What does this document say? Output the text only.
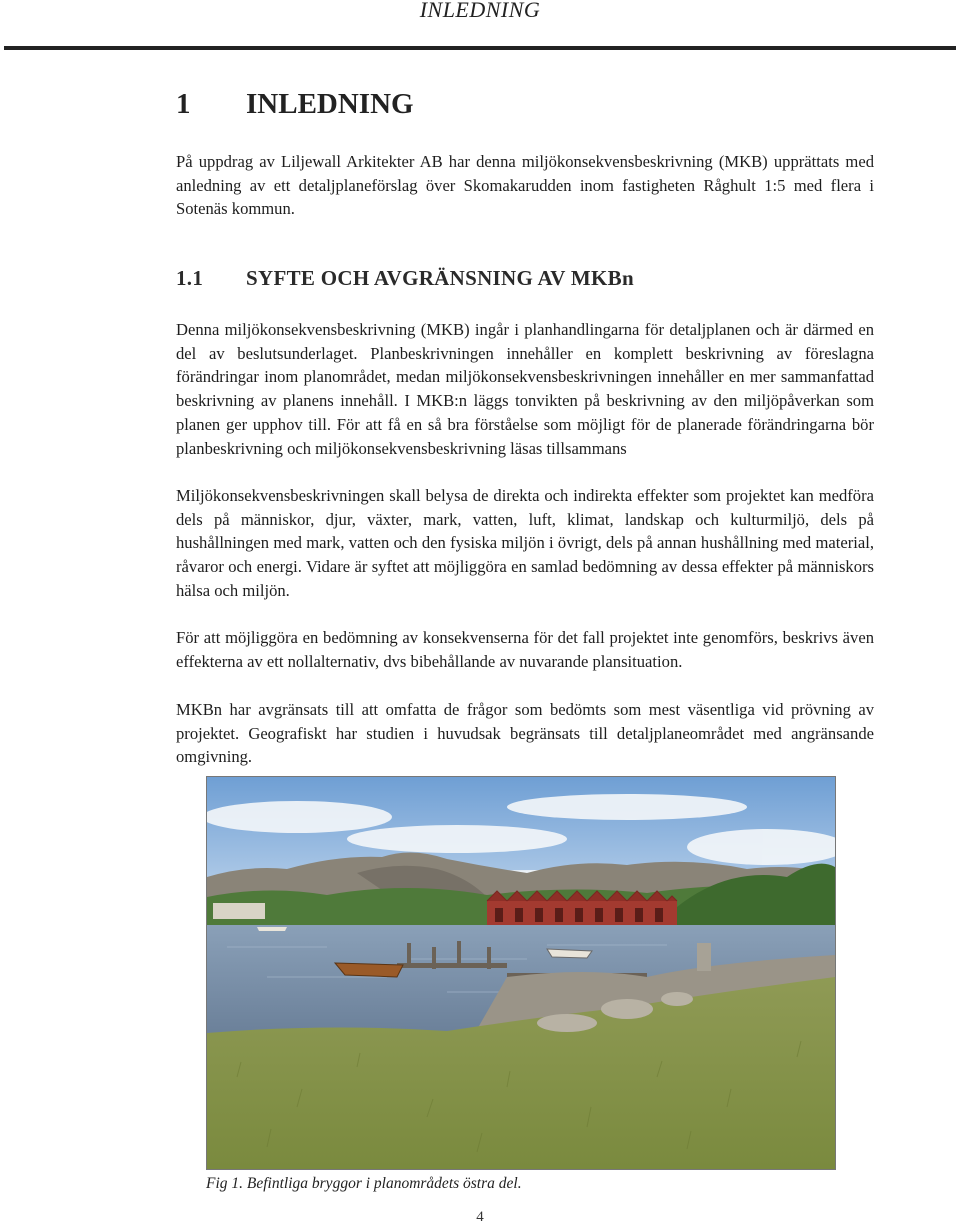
INLEDNING
1 INLEDNING

På uppdrag av Liljewall Arkitekter AB har denna miljökonsekvensbeskrivning (MKB) upprättats med anledning av ett detaljplaneförslag över Skomakarudden inom fastigheten Råghult 1:5 med flera i Sotenäs kommun.

1.1 SYFTE OCH AVGRÄNSNING AV MKBn

Denna miljökonsekvensbeskrivning (MKB) ingår i planhandlingarna för detaljplanen och är därmed en del av beslutsunderlaget. Planbeskrivningen innehåller en komplett beskrivning av föreslagna förändringar inom planområdet, medan miljökonsekvensbeskrivningen innehåller en mer sammanfattad beskrivning av planens innehåll. I MKB:n läggs tonvikten på beskrivning av den miljöpåverkan som planen ger upphov till. För att få en så bra förståelse som möjligt för de planerade förändringarna bör planbeskrivning och miljökonsekvensbeskrivning läsas tillsammans

Miljökonsekvensbeskrivningen skall belysa de direkta och indirekta effekter som projektet kan medföra dels på människor, djur, växter, mark, vatten, luft, klimat, landskap och kulturmiljö, dels på hushållningen med mark, vatten och den fysiska miljön i övrigt, dels på annan hushållning med material, råvaror och energi. Vidare är syftet att möjliggöra en samlad bedömning av dessa effekter på människors hälsa och miljön.

För att möjliggöra en bedömning av konsekvenserna för det fall projektet inte genomförs, beskrivs även effekterna av ett nollalternativ, dvs bibehållande av nuvarande plansituation.

MKBn har avgränsats till att omfatta de frågor som bedömts som mest väsentliga vid prövning av projektet. Geografiskt har studien i huvudsak begränsats till detaljplaneområdet med angränsande omgivning.

Fig 1. Befintliga bryggor i planområdets östra del.
4
